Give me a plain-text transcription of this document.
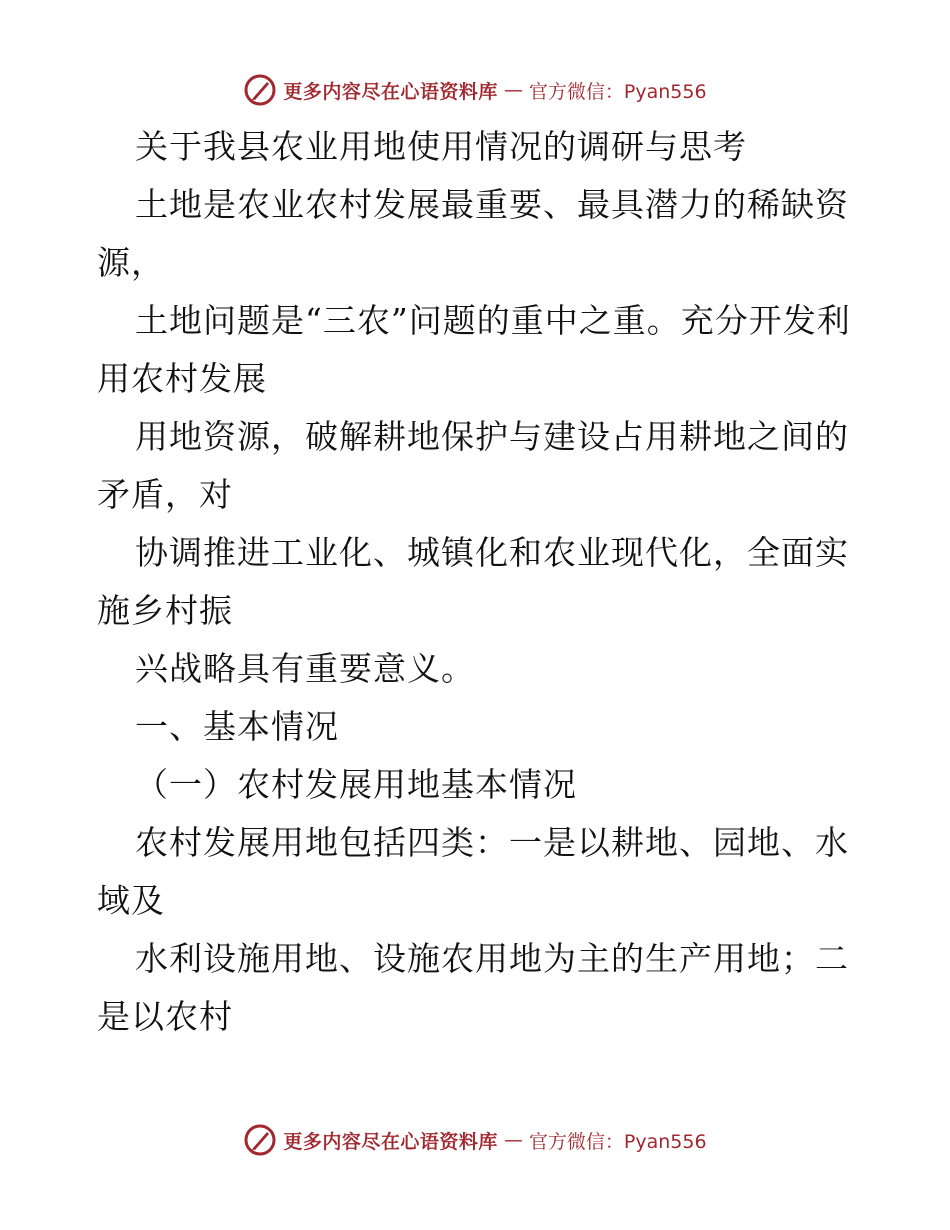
更多内容尽在心语资料库 — 官方微信：Pyan556

关于我县农业用地使用情况的调研与思考

土地是农业农村发展最重要、最具潜力的稀缺资源，

土地问题是“三农”问题的重中之重。充分开发利用农村发展

用地资源，破解耕地保护与建设占用耕地之间的矛盾，对

协调推进工业化、城镇化和农业现代化，全面实施乡村振

兴战略具有重要意义。

一、基本情况

（一）农村发展用地基本情况

农村发展用地包括四类：一是以耕地、园地、水域及

水利设施用地、设施农用地为主的生产用地；二是以农村

更多内容尽在心语资料库 — 官方微信：Pyan556
